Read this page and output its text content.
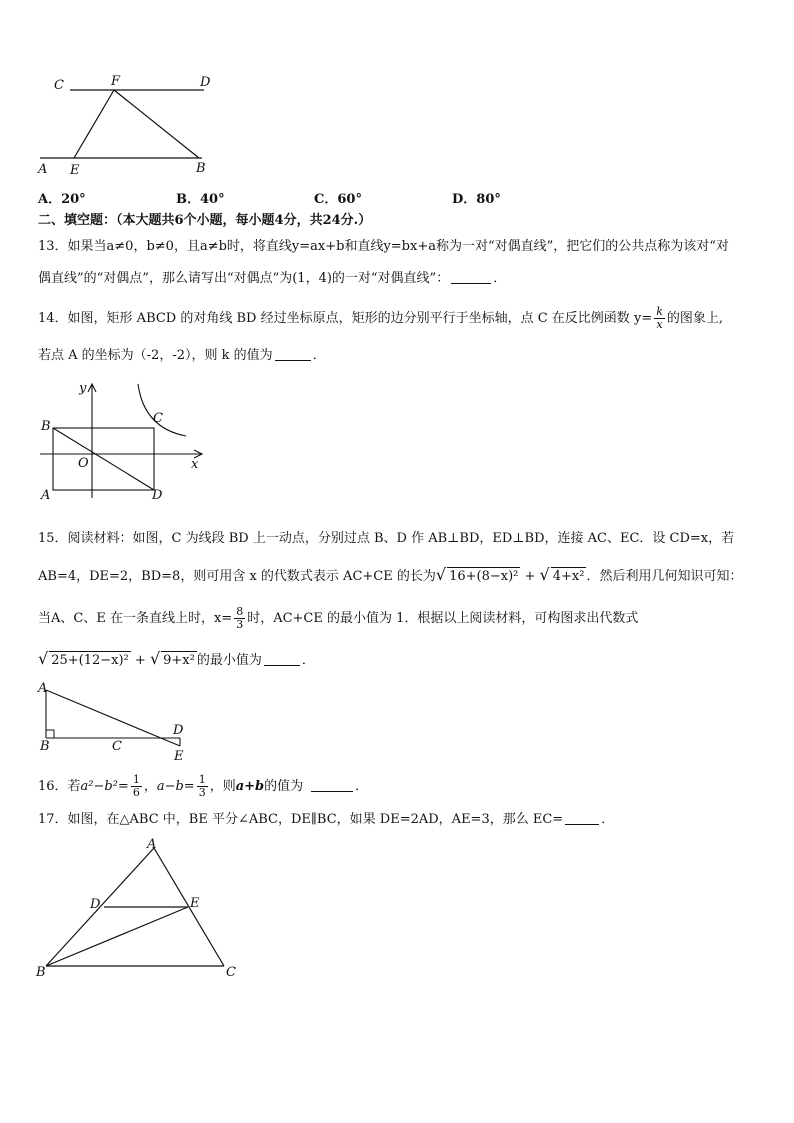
C	F	D
A E	B
A．20°	B．40°	C．60°	D．80°
二、填空题：（本大题共6个小题，每小题4分，共24分.）
13．如果当a≠0，b≠0，且a≠b时，将直线y=ax+b和直线y=bx+a称为一对“对偶直线”，把它们的公共点称为该对“对
偶直线”的“对偶点”，那么请写出“对偶点”为(1，4)的一对“对偶直线”：	．
14．如图，矩形 ABCD 的对角线 BD 经过坐标原点，矩形的边分别平行于坐标轴，点 C 在反比例函数 $y= \frac{k}{x}$ 的图象上,
若点 A 的坐标为（-2，-2），则 k 的值为	．
y
B
C
O	x
A	D
15．阅读材料：如图，C 为线段 BD 上一动点，分别过点 B、D 作 AB⊥BD，ED⊥BD，连接 AC、EC．设 CD=x，若
AB=4，DE=2，BD=8，则可用含 x 的代数式表示 AC+CE 的长为√ 16+(8−x)² + √ 4+x² ．然后利用几何知识可知：
当A、C、E 在一条直线上时，$x= \frac{8}{3}$ 时，AC+CE 的最小值为 1．根据以上阅读材料，可构图求出代数式
√ 25+(12−x)² + √ 9+x² 的最小值为	．
A
D
B	C
E
16．若$a^2-b^2= \frac{1}{6}$ ，$a-b= \frac{1}{3}$ ，则a+b的值为	．
17．如图，在△ABC 中，BE 平分∠ABC，DE∥BC，如果 DE=2AD，AE=3，那么 EC=	．
A
D	E
B	C
